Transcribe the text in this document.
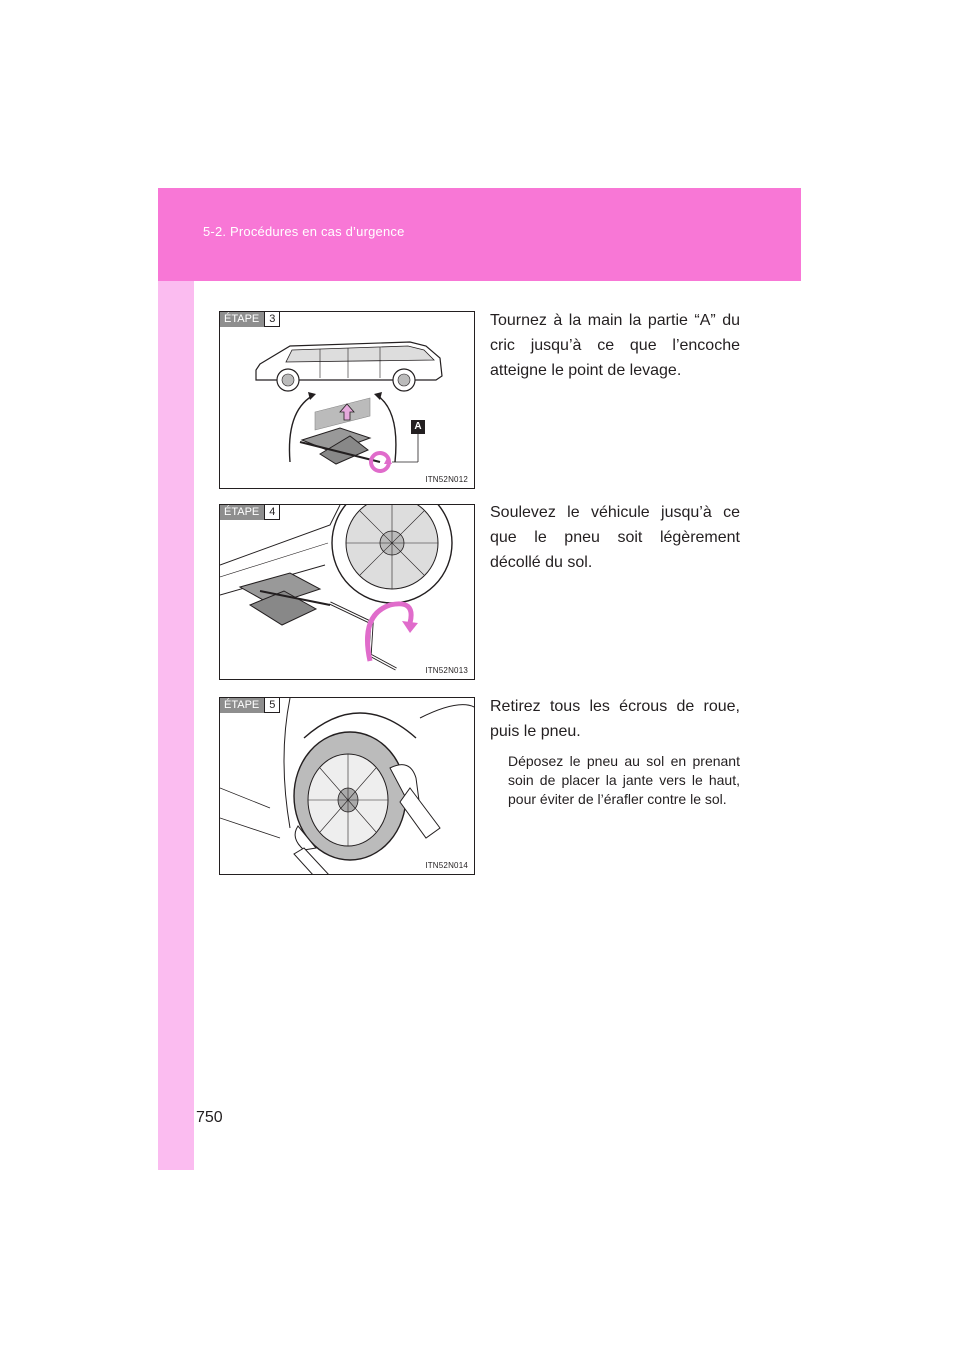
5-2. Procédures en cas d’urgence
ÉTAPE 3
A
ITN52N012
Tournez à la main la partie “A” du cric jusqu’à ce que l’encoche atteigne le point de levage.
ÉTAPE 4
ITN52N013
Soulevez le véhicule jusqu’à ce que le pneu soit légèrement décollé du sol.
ÉTAPE 5
ITN52N014
Retirez tous les écrous de roue, puis le pneu.
Déposez le pneu au sol en prenant soin de placer la jante vers le haut, pour éviter de l’érafler contre le sol.
750
